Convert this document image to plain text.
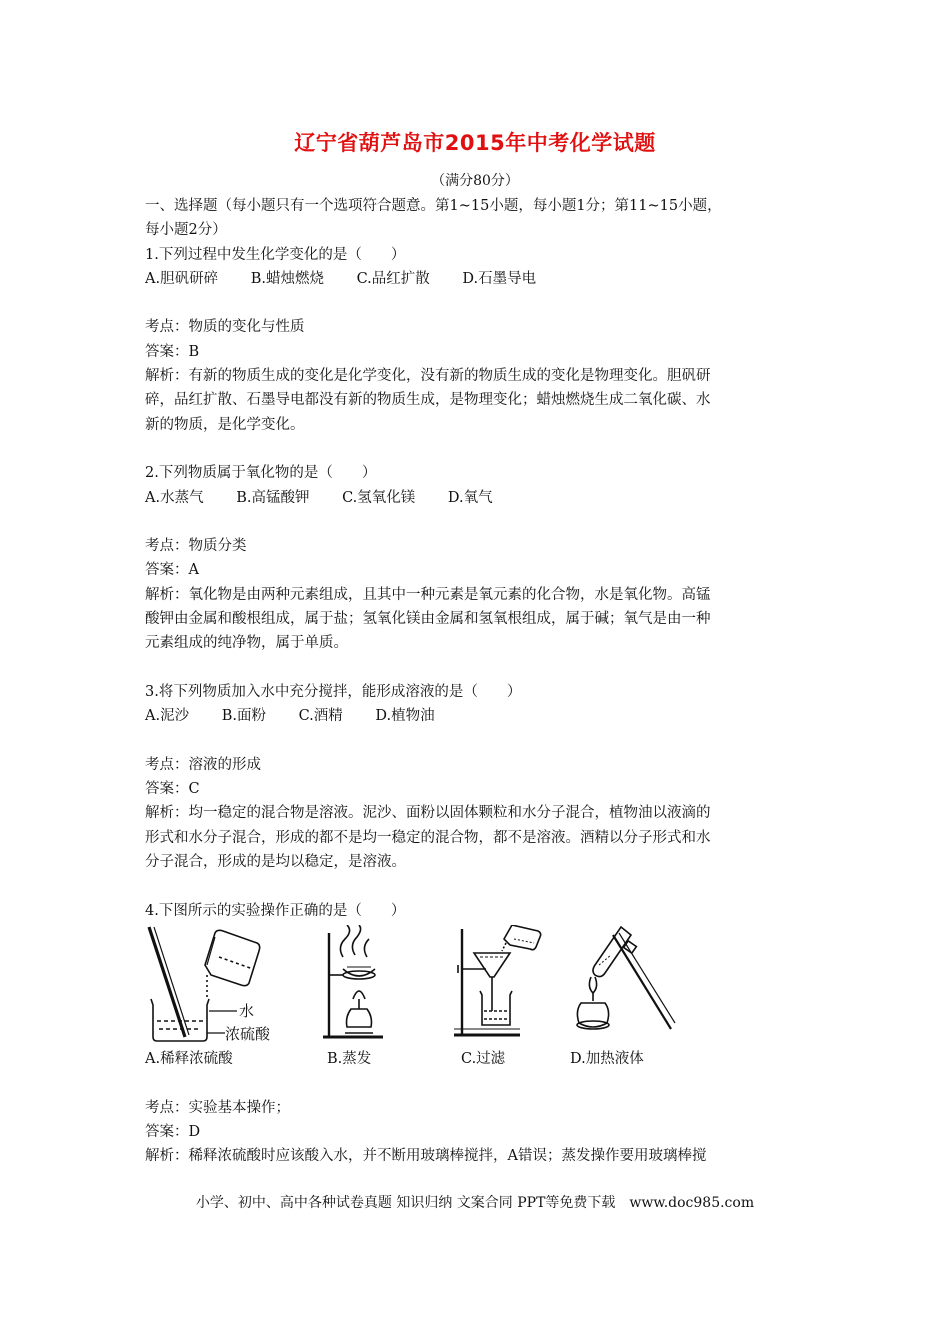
辽宁省葫芦岛市2015年中考化学试题
（满分80分）
一、选择题（每小题只有一个选项符合题意。第1~15小题，每小题1分；第11~15小题，
每小题2分）
1.下列过程中发生化学变化的是（　　）
A.胆矾研碎 B.蜡烛燃烧 C.品红扩散 D.石墨导电
考点：物质的变化与性质
答案：B
解析：有新的物质生成的变化是化学变化，没有新的物质生成的变化是物理变化。胆矾研
碎，品红扩散、石墨导电都没有新的物质生成，是物理变化；蜡烛燃烧生成二氧化碳、水
新的物质，是化学变化。
2.下列物质属于氧化物的是（　　）
A.水蒸气 B.高锰酸钾 C.氢氧化镁 D.氧气
考点：物质分类
答案：A
解析：氧化物是由两种元素组成，且其中一种元素是氧元素的化合物，水是氧化物。高锰
酸钾由金属和酸根组成，属于盐；氢氧化镁由金属和氢氧根组成，属于碱；氧气是由一种
元素组成的纯净物，属于单质。
3.将下列物质加入水中充分搅拌，能形成溶液的是（　　）
A.泥沙 B.面粉 C.酒精 D.植物油
考点：溶液的形成
答案：C
解析：均一稳定的混合物是溶液。泥沙、面粉以固体颗粒和水分子混合，植物油以液滴的
形式和水分子混合，形成的都不是均一稳定的混合物，都不是溶液。酒精以分子形式和水
分子混合，形成的是均以稳定，是溶液。
4.下图所示的实验操作正确的是（　　）
水
浓硫酸
A.稀释浓硫酸	B.蒸发	C.过滤	D.加热液体
考点：实验基本操作；
答案：D
解析：稀释浓硫酸时应该酸入水，并不断用玻璃棒搅拌，A错误；蒸发操作要用玻璃棒搅
小学、初中、高中各种试卷真题 知识归纳 文案合同 PPT等免费下载　www.doc985.com
